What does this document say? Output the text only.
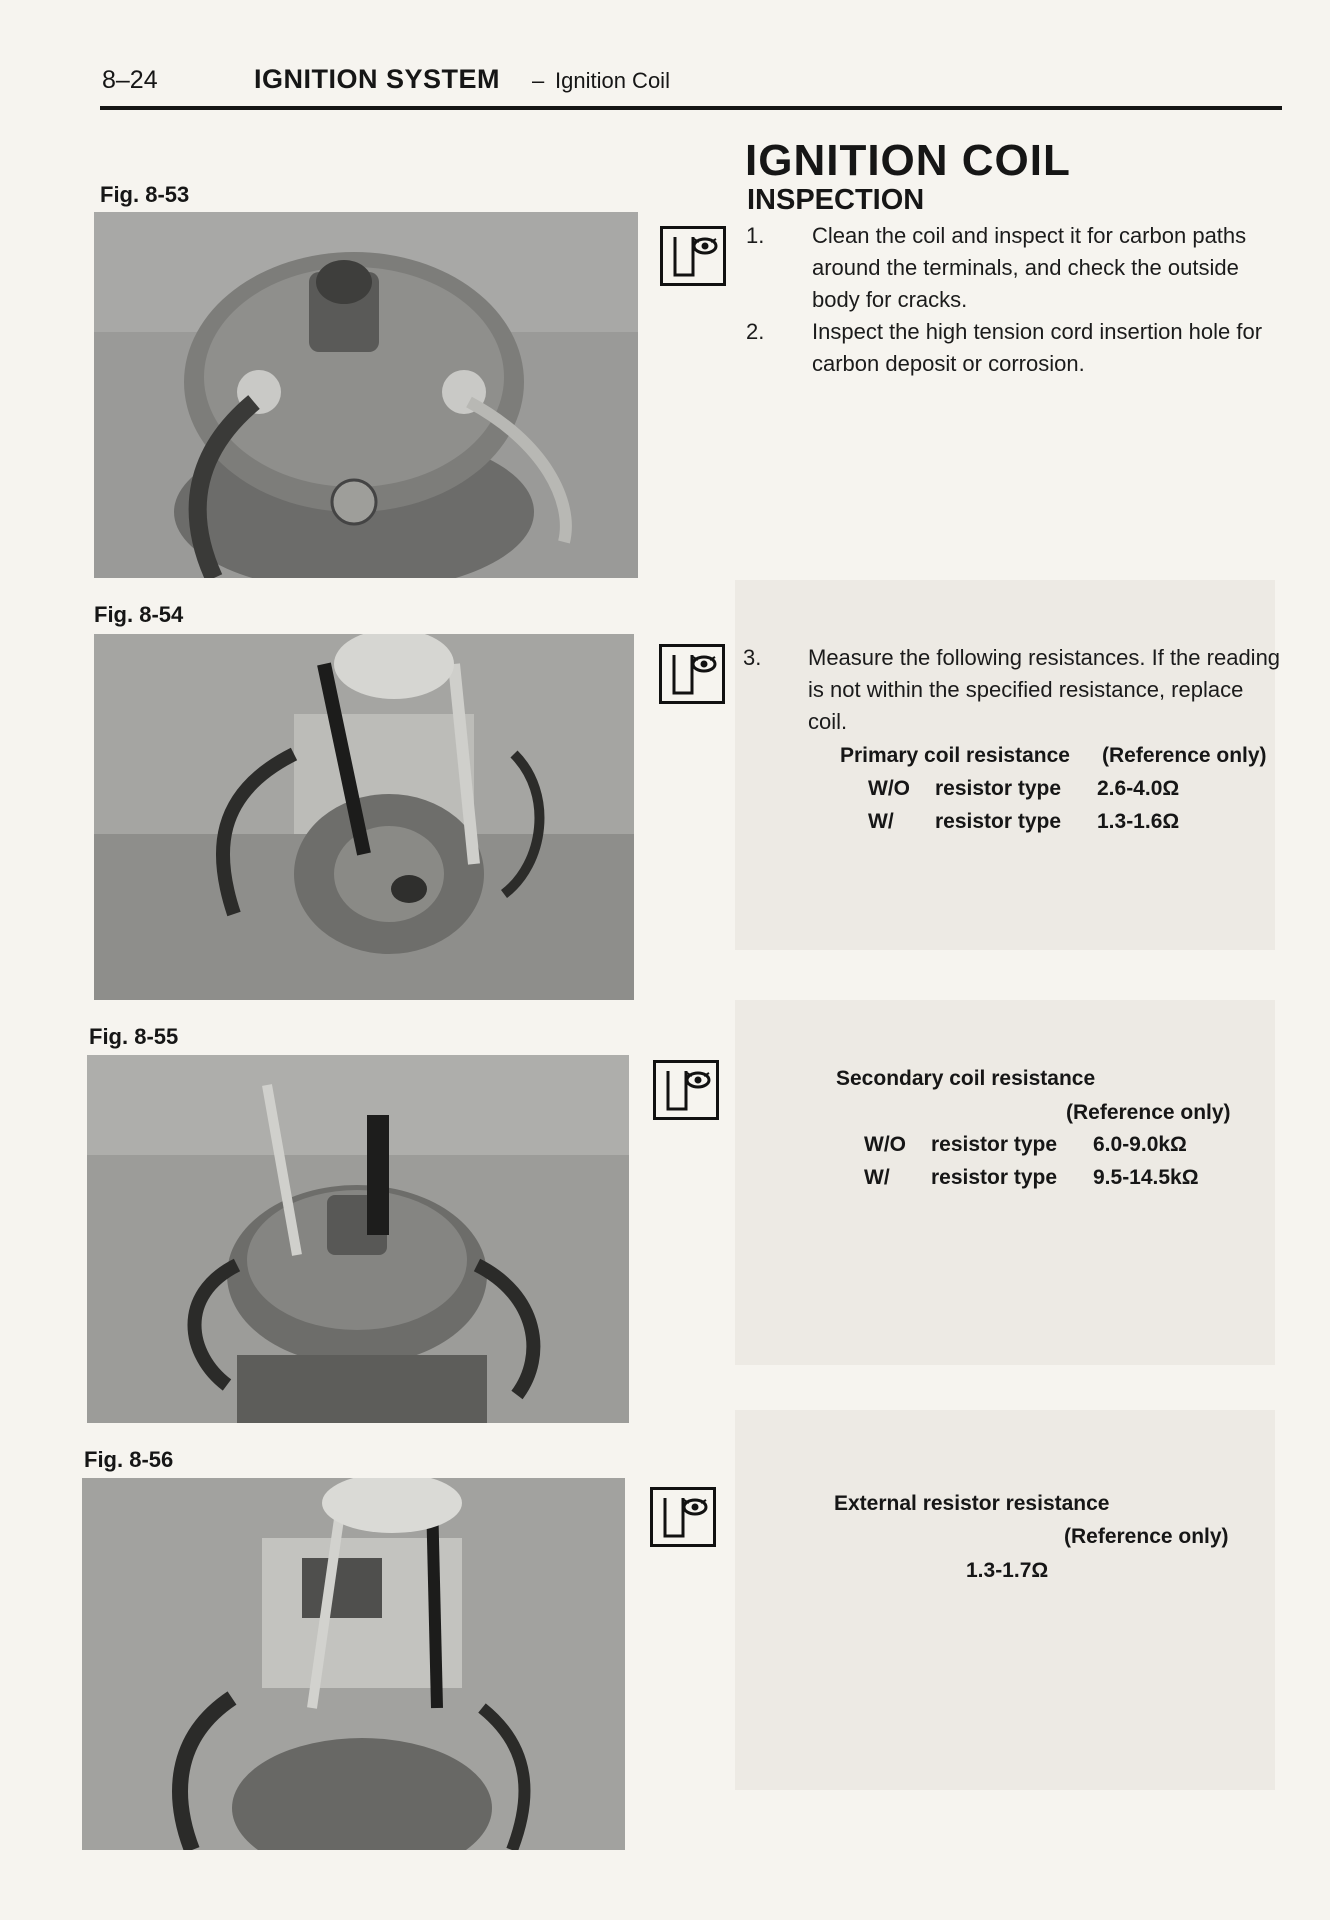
8–24	IGNITION SYSTEM – Ignition Coil
Fig. 8-53
Fig. 8-54
Fig. 8-55
Fig. 8-56
IGNITION COIL
INSPECTION
1.	Clean the coil and inspect it for carbon paths around the terminals, and check the outside body for cracks.
2.	Inspect the high tension cord insertion hole for carbon deposit or corrosion.
3.	Measure the following resistances. If the reading is not within the specified resistance, replace coil.
Primary coil resistance (Reference only)
W/O	resistor type	2.6-4.0Ω
W/	resistor type	1.3-1.6Ω
Secondary coil resistance
(Reference only)
W/O	resistor type	6.0-9.0kΩ
W/	resistor type	9.5-14.5kΩ
External resistor resistance
(Reference only)
1.3-1.7Ω
